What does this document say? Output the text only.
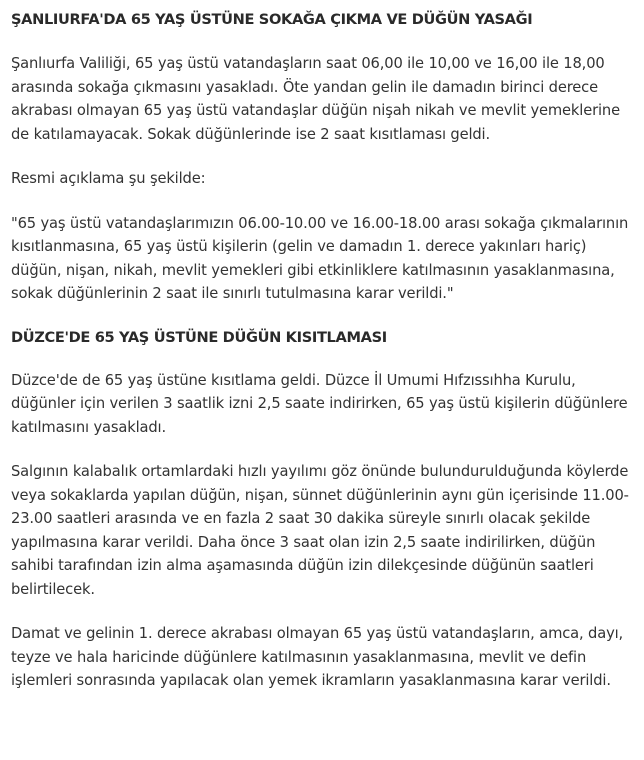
ŞANLIURFA'DA 65 YAŞ ÜSTÜNE SOKAĞA ÇIKMA VE DÜĞÜN YASAĞI

Şanlıurfa Valiliği, 65 yaş üstü vatandaşların saat 06,00 ile 10,00 ve 16,00 ile 18,00 arasında sokağa çıkmasını yasakladı. Öte yandan gelin ile damadın birinci derece akrabası olmayan 65 yaş üstü vatandaşlar düğün nişah nikah ve mevlit yemeklerine de katılamayacak. Sokak düğünlerinde ise 2 saat kısıtlaması geldi.

Resmi açıklama şu şekilde:

"65 yaş üstü vatandaşlarımızın 06.00-10.00 ve 16.00-18.00 arası sokağa çıkmalarının kısıtlanmasına, 65 yaş üstü kişilerin (gelin ve damadın 1. derece yakınları hariç) düğün, nişan, nikah, mevlit yemekleri gibi etkinliklere katılmasının yasaklanmasına, sokak düğünlerinin 2 saat ile sınırlı tutulmasına karar verildi."

DÜZCE'DE 65 YAŞ ÜSTÜNE DÜĞÜN KISITLAMASI

Düzce'de de 65 yaş üstüne kısıtlama geldi. Düzce İl Umumi Hıfzıssıhha Kurulu, düğünler için verilen 3 saatlik izni 2,5 saate indirirken, 65 yaş üstü kişilerin düğünlere katılmasını yasakladı.

Salgının kalabalık ortamlardaki hızlı yayılımı göz önünde bulundurulduğunda köylerde veya sokaklarda yapılan düğün, nişan, sünnet düğünlerinin aynı gün içerisinde 11.00-23.00 saatleri arasında ve en fazla 2 saat 30 dakika süreyle sınırlı olacak şekilde yapılmasına karar verildi. Daha önce 3 saat olan izin 2,5 saate indirilirken, düğün sahibi tarafından izin alma aşamasında düğün izin dilekçesinde düğünün saatleri belirtilecek.

Damat ve gelinin 1. derece akrabası olmayan 65 yaş üstü vatandaşların, amca, dayı, teyze ve hala haricinde düğünlere katılmasının yasaklanmasına, mevlit ve defin işlemleri sonrasında yapılacak olan yemek ikramların yasaklanmasına karar verildi.
